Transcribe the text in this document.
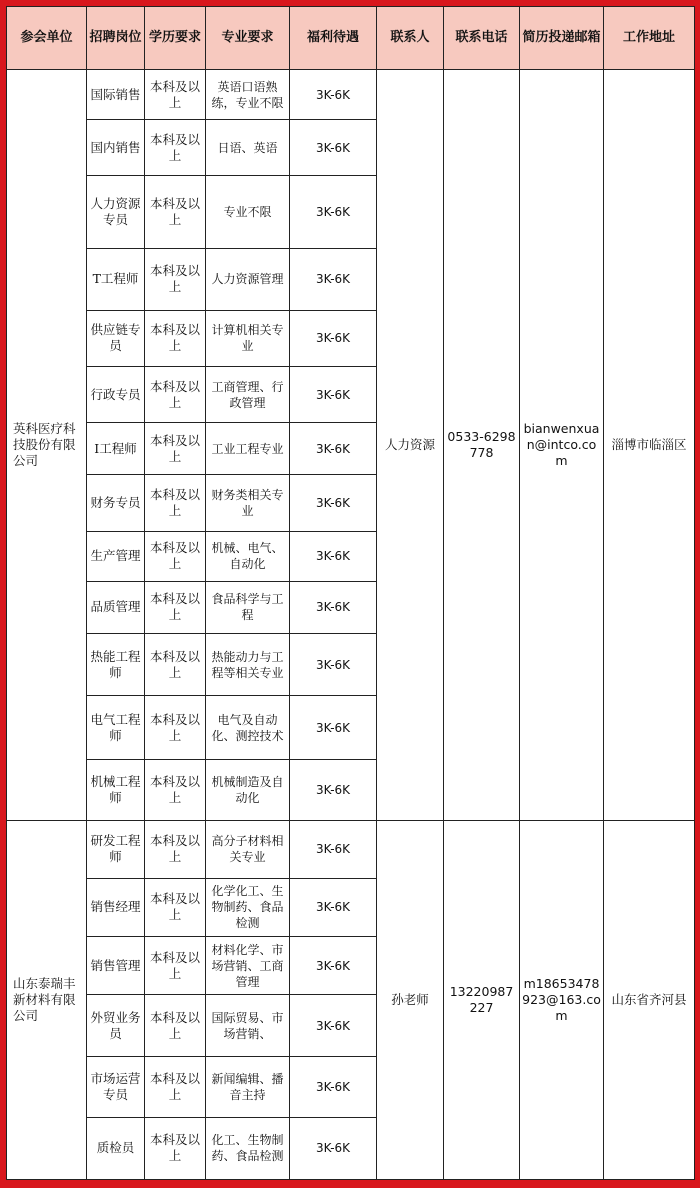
参会单位	招聘岗位	学历要求	专业要求	福利待遇	联系人	联系电话	简历投递邮箱	工作地址
英科医疗科技股份有限公司	国际销售	本科及以上	英语口语熟练，专业不限	3K-6K	人力资源	0533-6298778	bianwenxuan@intco.com	淄博市临淄区
	国内销售	本科及以上	日语、英语	3K-6K				
	人力资源专员	本科及以上	专业不限	3K-6K				
	T工程师	本科及以上	人力资源管理	3K-6K				
	供应链专员	本科及以上	计算机相关专业	3K-6K				
	行政专员	本科及以上	工商管理、行政管理	3K-6K				
	I工程师	本科及以上	工业工程专业	3K-6K				
	财务专员	本科及以上	财务类相关专业	3K-6K				
	生产管理	本科及以上	机械、电气、自动化	3K-6K				
	品质管理	本科及以上	食品科学与工程	3K-6K				
	热能工程师	本科及以上	热能动力与工程等相关专业	3K-6K				
	电气工程师	本科及以上	电气及自动化、测控技术	3K-6K				
	机械工程师	本科及以上	机械制造及自动化	3K-6K				
山东泰瑞丰新材料有限公司	研发工程师	本科及以上	高分子材料相关专业	3K-6K	孙老师	13220987227	m18653478923@163.com	山东省齐河县
	销售经理	本科及以上	化学化工、生物制药、食品检测	3K-6K				
	销售管理	本科及以上	材料化学、市场营销、工商管理	3K-6K				
	外贸业务员	本科及以上	国际贸易、市场营销、	3K-6K				
	市场运营专员	本科及以上	新闻编辑、播音主持	3K-6K				
	质检员	本科及以上	化工、生物制药、食品检测	3K-6K				
